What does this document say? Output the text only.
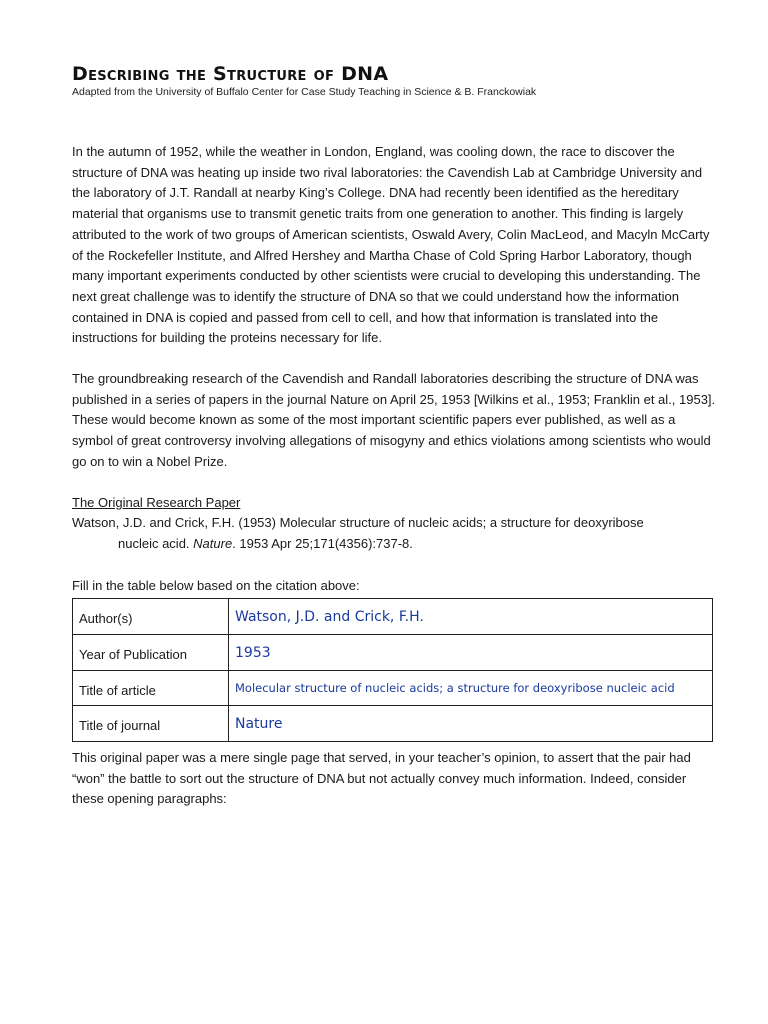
Describing the Structure of DNA

Adapted from the University of Buffalo Center for Case Study Teaching in Science & B. Franckowiak

In the autumn of 1952, while the weather in London, England, was cooling down, the race to discover the structure of DNA was heating up inside two rival laboratories: the Cavendish Lab at Cambridge University and the laboratory of J.T. Randall at nearby King’s College. DNA had recently been identified as the hereditary material that organisms use to transmit genetic traits from one generation to another. This finding is largely attributed to the work of two groups of American scientists, Oswald Avery, Colin MacLeod, and Macyln McCarty of the Rockefeller Institute, and Alfred Hershey and Martha Chase of Cold Spring Harbor Laboratory, though many important experiments conducted by other scientists were crucial to developing this understanding. The next great challenge was to identify the structure of DNA so that we could understand how the information contained in DNA is copied and passed from cell to cell, and how that information is translated into the instructions for building the proteins necessary for life.

The groundbreaking research of the Cavendish and Randall laboratories describing the structure of DNA was published in a series of papers in the journal Nature on April 25, 1953 [Wilkins et al., 1953; Franklin et al., 1953]. These would become known as some of the most important scientific papers ever published, as well as a symbol of great controversy involving allegations of misogyny and ethics violations among scientists who would go on to win a Nobel Prize.

The Original Research Paper

Watson, J.D. and Crick, F.H. (1953) Molecular structure of nucleic acids; a structure for deoxyribose
nucleic acid. Nature. 1953 Apr 25;171(4356):737-8.

Fill in the table below based on the citation above:

Author(s)	Watson, J.D. and Crick, F.H.
Year of Publication	1953
Title of article	Molecular structure of nucleic acids; a structure for deoxyribose nucleic acid
Title of journal	Nature

This original paper was a mere single page that served, in your teacher’s opinion, to assert that the pair had “won” the battle to sort out the structure of DNA but not actually convey much information. Indeed, consider these opening paragraphs:
